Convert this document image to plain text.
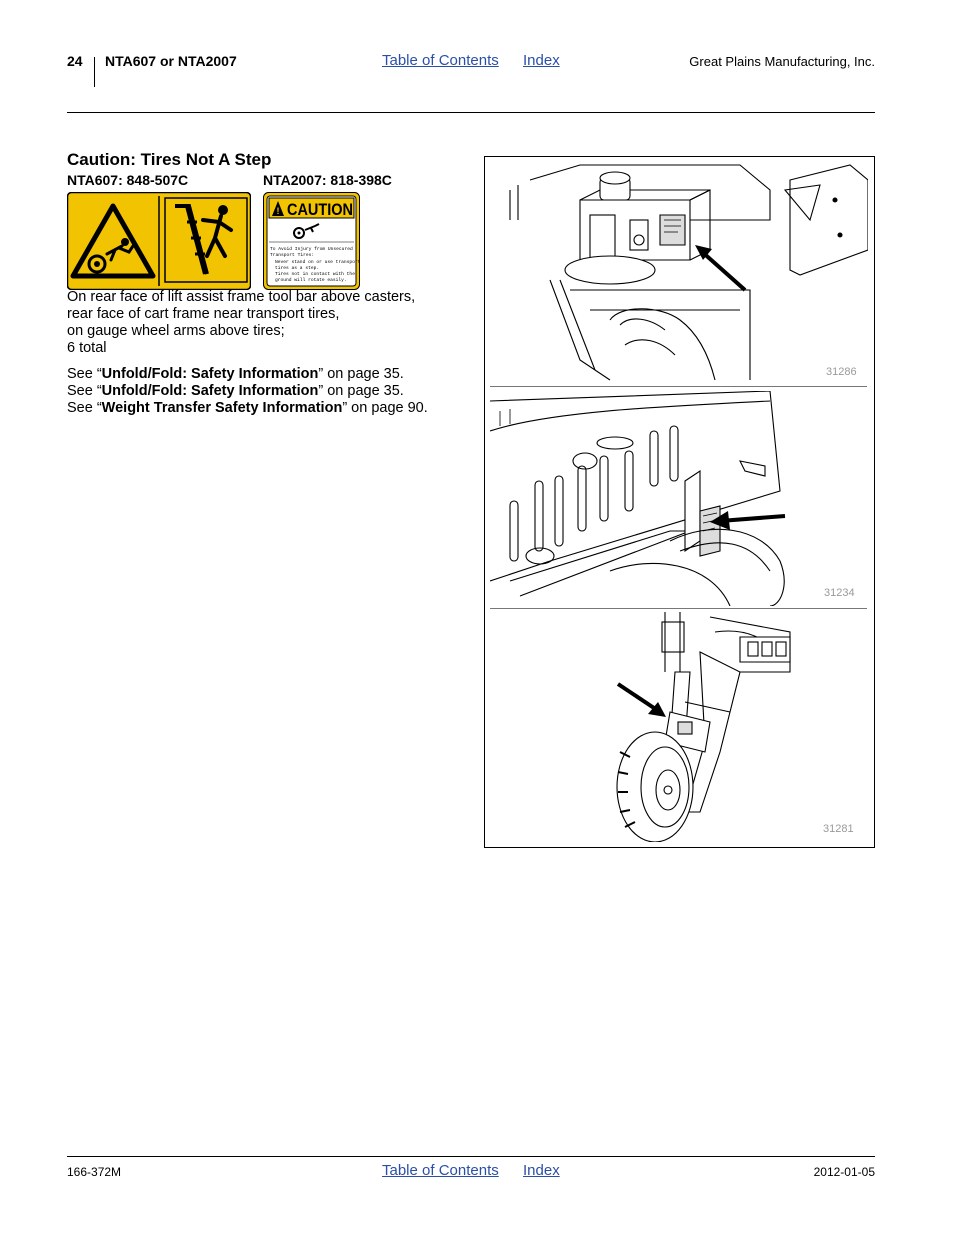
24 NTA607 or NTA2007	Table of Contents Index	Great Plains Manufacturing, Inc.
Caution: Tires Not A Step
NTA607: 848-507C	NTA2007: 818-398C
! CAUTION
To Avoid Injury from Unsecured Transport Tires: Never stand on or use transport tires as a step. Tires not in contact with the ground will rotate easily.
On rear face of lift assist frame tool bar above casters,
rear face of cart frame near transport tires,
on gauge wheel arms above tires;
6 total
See “Unfold/Fold: Safety Information” on page 35.
See “Unfold/Fold: Safety Information” on page 35.
See “Weight Transfer Safety Information” on page 90.
31286
31234
31281
166-372M	Table of Contents Index	2012-01-05
